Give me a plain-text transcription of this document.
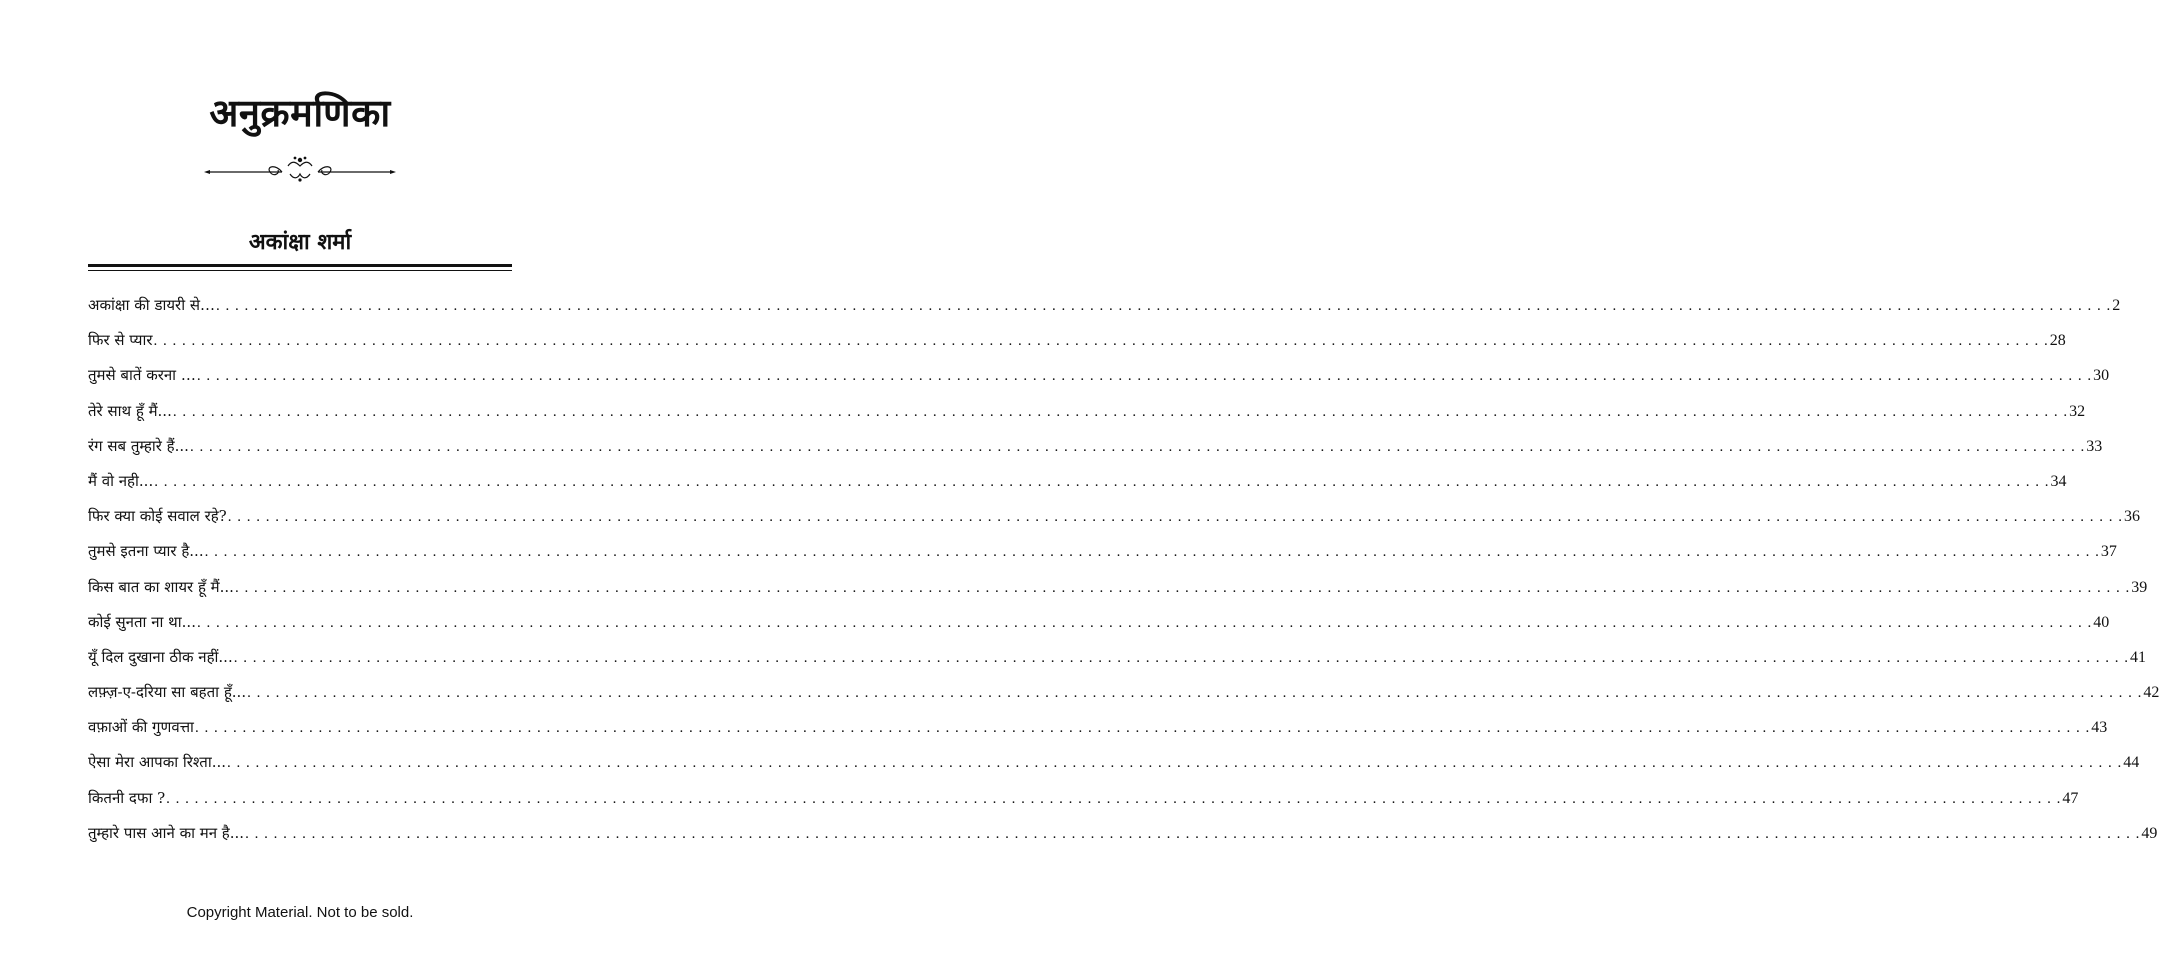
अनुक्रमणिका
अकांक्षा शर्मा
अकांक्षा की डायरी से… . . . . . . . . . . . . . . . . . . . . . . . . . . . . . . . . . . . . . . . . . . . . . . . . . . . . . . . . . . . . . . . . . . . . . . . . . . . . . . . . . . . . . . . . . . . . . . . . . . . . . . . . . . . . . . . . . . . . . . . . . . . . . . . . . . . . . . . . . . . . . . . . . . . . . . . . . . . . . . . . . . . . . . . . . . . . . . . . . . . . . . . . . . . . . . . . . . . . . . . . 2
फिर से प्यार . . . . . . . . . . . . . . . . . . . . . . . . . . . . . . . . . . . . . . . . . . . . . . . . . . . . . . . . . . . . . . . . . . . . . . . . . . . . . . . . . . . . . . . . . . . . . . . . . . . . . . . . . . . . . . . . . . . . . . . . . . . . . . . . . . . . . . . . . . . . . . . . . . . . . . . . . . . . . . . . . . . . . . . . . . . . . . . . . . . . . . . . . . . . . . . . . . . . . . . . 28
तुमसे बातें करना … . . . . . . . . . . . . . . . . . . . . . . . . . . . . . . . . . . . . . . . . . . . . . . . . . . . . . . . . . . . . . . . . . . . . . . . . . . . . . . . . . . . . . . . . . . . . . . . . . . . . . . . . . . . . . . . . . . . . . . . . . . . . . . . . . . . . . . . . . . . . . . . . . . . . . . . . . . . . . . . . . . . . . . . . . . . . . . . . . . . . . . . . . . . . . . . . . . . . . . . . 30
तेरे साथ हूँ मैं... . . . . . . . . . . . . . . . . . . . . . . . . . . . . . . . . . . . . . . . . . . . . . . . . . . . . . . . . . . . . . . . . . . . . . . . . . . . . . . . . . . . . . . . . . . . . . . . . . . . . . . . . . . . . . . . . . . . . . . . . . . . . . . . . . . . . . . . . . . . . . . . . . . . . . . . . . . . . . . . . . . . . . . . . . . . . . . . . . . . . . . . . . . . . . . . . . . . . . . . . 32
रंग सब तुम्हारे हैं... . . . . . . . . . . . . . . . . . . . . . . . . . . . . . . . . . . . . . . . . . . . . . . . . . . . . . . . . . . . . . . . . . . . . . . . . . . . . . . . . . . . . . . . . . . . . . . . . . . . . . . . . . . . . . . . . . . . . . . . . . . . . . . . . . . . . . . . . . . . . . . . . . . . . . . . . . . . . . . . . . . . . . . . . . . . . . . . . . . . . . . . . . . . . . . . . . . . . . . . . 33
मैं वो नही... . . . . . . . . . . . . . . . . . . . . . . . . . . . . . . . . . . . . . . . . . . . . . . . . . . . . . . . . . . . . . . . . . . . . . . . . . . . . . . . . . . . . . . . . . . . . . . . . . . . . . . . . . . . . . . . . . . . . . . . . . . . . . . . . . . . . . . . . . . . . . . . . . . . . . . . . . . . . . . . . . . . . . . . . . . . . . . . . . . . . . . . . . . . . . . . . . . . . . . . . 34
फिर क्या कोई सवाल रहे? . . . . . . . . . . . . . . . . . . . . . . . . . . . . . . . . . . . . . . . . . . . . . . . . . . . . . . . . . . . . . . . . . . . . . . . . . . . . . . . . . . . . . . . . . . . . . . . . . . . . . . . . . . . . . . . . . . . . . . . . . . . . . . . . . . . . . . . . . . . . . . . . . . . . . . . . . . . . . . . . . . . . . . . . . . . . . . . . . . . . . . . . . . . . . . . . . . . . . . . . 36
तुमसे इतना प्यार है... . . . . . . . . . . . . . . . . . . . . . . . . . . . . . . . . . . . . . . . . . . . . . . . . . . . . . . . . . . . . . . . . . . . . . . . . . . . . . . . . . . . . . . . . . . . . . . . . . . . . . . . . . . . . . . . . . . . . . . . . . . . . . . . . . . . . . . . . . . . . . . . . . . . . . . . . . . . . . . . . . . . . . . . . . . . . . . . . . . . . . . . . . . . . . . . . . . . . . . . . 37
किस बात का शायर हूँ मैं... . . . . . . . . . . . . . . . . . . . . . . . . . . . . . . . . . . . . . . . . . . . . . . . . . . . . . . . . . . . . . . . . . . . . . . . . . . . . . . . . . . . . . . . . . . . . . . . . . . . . . . . . . . . . . . . . . . . . . . . . . . . . . . . . . . . . . . . . . . . . . . . . . . . . . . . . . . . . . . . . . . . . . . . . . . . . . . . . . . . . . . . . . . . . . . . . . . . . . . . . 39
कोई सुनता ना था... . . . . . . . . . . . . . . . . . . . . . . . . . . . . . . . . . . . . . . . . . . . . . . . . . . . . . . . . . . . . . . . . . . . . . . . . . . . . . . . . . . . . . . . . . . . . . . . . . . . . . . . . . . . . . . . . . . . . . . . . . . . . . . . . . . . . . . . . . . . . . . . . . . . . . . . . . . . . . . . . . . . . . . . . . . . . . . . . . . . . . . . . . . . . . . . . . . . . . . . . 40
यूँ दिल दुखाना ठीक नहीं... . . . . . . . . . . . . . . . . . . . . . . . . . . . . . . . . . . . . . . . . . . . . . . . . . . . . . . . . . . . . . . . . . . . . . . . . . . . . . . . . . . . . . . . . . . . . . . . . . . . . . . . . . . . . . . . . . . . . . . . . . . . . . . . . . . . . . . . . . . . . . . . . . . . . . . . . . . . . . . . . . . . . . . . . . . . . . . . . . . . . . . . . . . . . . . . . . . . . . . . . 41
लफ़्ज़-ए-दरिया सा बहता हूँ... . . . . . . . . . . . . . . . . . . . . . . . . . . . . . . . . . . . . . . . . . . . . . . . . . . . . . . . . . . . . . . . . . . . . . . . . . . . . . . . . . . . . . . . . . . . . . . . . . . . . . . . . . . . . . . . . . . . . . . . . . . . . . . . . . . . . . . . . . . . . . . . . . . . . . . . . . . . . . . . . . . . . . . . . . . . . . . . . . . . . . . . . . . . . . . . . . . . . . . . . 42
वफ़ाओं की गुणवत्ता . . . . . . . . . . . . . . . . . . . . . . . . . . . . . . . . . . . . . . . . . . . . . . . . . . . . . . . . . . . . . . . . . . . . . . . . . . . . . . . . . . . . . . . . . . . . . . . . . . . . . . . . . . . . . . . . . . . . . . . . . . . . . . . . . . . . . . . . . . . . . . . . . . . . . . . . . . . . . . . . . . . . . . . . . . . . . . . . . . . . . . . . . . . . . . . . . . . . . . . . 43
ऐसा मेरा आपका रिश्ता... . . . . . . . . . . . . . . . . . . . . . . . . . . . . . . . . . . . . . . . . . . . . . . . . . . . . . . . . . . . . . . . . . . . . . . . . . . . . . . . . . . . . . . . . . . . . . . . . . . . . . . . . . . . . . . . . . . . . . . . . . . . . . . . . . . . . . . . . . . . . . . . . . . . . . . . . . . . . . . . . . . . . . . . . . . . . . . . . . . . . . . . . . . . . . . . . . . . . . . . . 44
कितनी दफा ? . . . . . . . . . . . . . . . . . . . . . . . . . . . . . . . . . . . . . . . . . . . . . . . . . . . . . . . . . . . . . . . . . . . . . . . . . . . . . . . . . . . . . . . . . . . . . . . . . . . . . . . . . . . . . . . . . . . . . . . . . . . . . . . . . . . . . . . . . . . . . . . . . . . . . . . . . . . . . . . . . . . . . . . . . . . . . . . . . . . . . . . . . . . . . . . . . . . . . . . . 47
तुम्हारे पास आने का मन है... . . . . . . . . . . . . . . . . . . . . . . . . . . . . . . . . . . . . . . . . . . . . . . . . . . . . . . . . . . . . . . . . . . . . . . . . . . . . . . . . . . . . . . . . . . . . . . . . . . . . . . . . . . . . . . . . . . . . . . . . . . . . . . . . . . . . . . . . . . . . . . . . . . . . . . . . . . . . . . . . . . . . . . . . . . . . . . . . . . . . . . . . . . . . . . . . . . . . . . . . 49
Copyright Material. Not to be sold.
